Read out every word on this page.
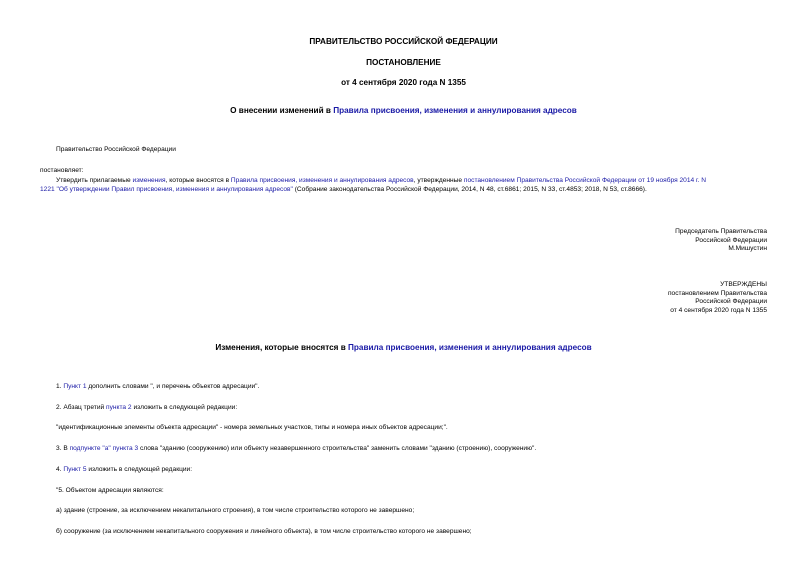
ПРАВИТЕЛЬСТВО РОССИЙСКОЙ ФЕДЕРАЦИИ
ПОСТАНОВЛЕНИЕ
от 4 сентября 2020 года N 1355
О внесении изменений в Правила присвоения, изменения и аннулирования адресов
Правительство Российской Федерации
постановляет:
Утвердить прилагаемые изменения, которые вносятся в Правила присвоения, изменения и аннулирования адресов, утвержденные постановлением Правительства Российской Федерации от 19 ноября 2014 г. N
1221 "Об утверждении Правил присвоения, изменения и аннулирования адресов" (Собрание законодательства Российской Федерации, 2014, N 48, ст.6861; 2015, N 33, ст.4853; 2018, N 53, ст.8666).
Председатель Правительства
Российской Федерации
М.Мишустин
УТВЕРЖДЕНЫ
постановлением Правительства
Российской Федерации
от 4 сентября 2020 года N 1355
Изменения, которые вносятся в Правила присвоения, изменения и аннулирования адресов
1. Пункт 1 дополнить словами ", и перечень объектов адресации".
2. Абзац третий пункта 2 изложить в следующей редакции:
"идентификационные элементы объекта адресации" - номера земельных участков, типы и номера иных объектов адресации;".
3. В подпункте "а" пункта 3 слова "зданию (сооружению) или объекту незавершенного строительства" заменить словами "зданию (строению), сооружению".
4. Пункт 5 изложить в следующей редакции:
"5. Объектом адресации являются:
а) здание (строение, за исключением некапитального строения), в том числе строительство которого не завершено;
б) сооружение (за исключением некапитального сооружения и линейного объекта), в том числе строительство которого не завершено;
